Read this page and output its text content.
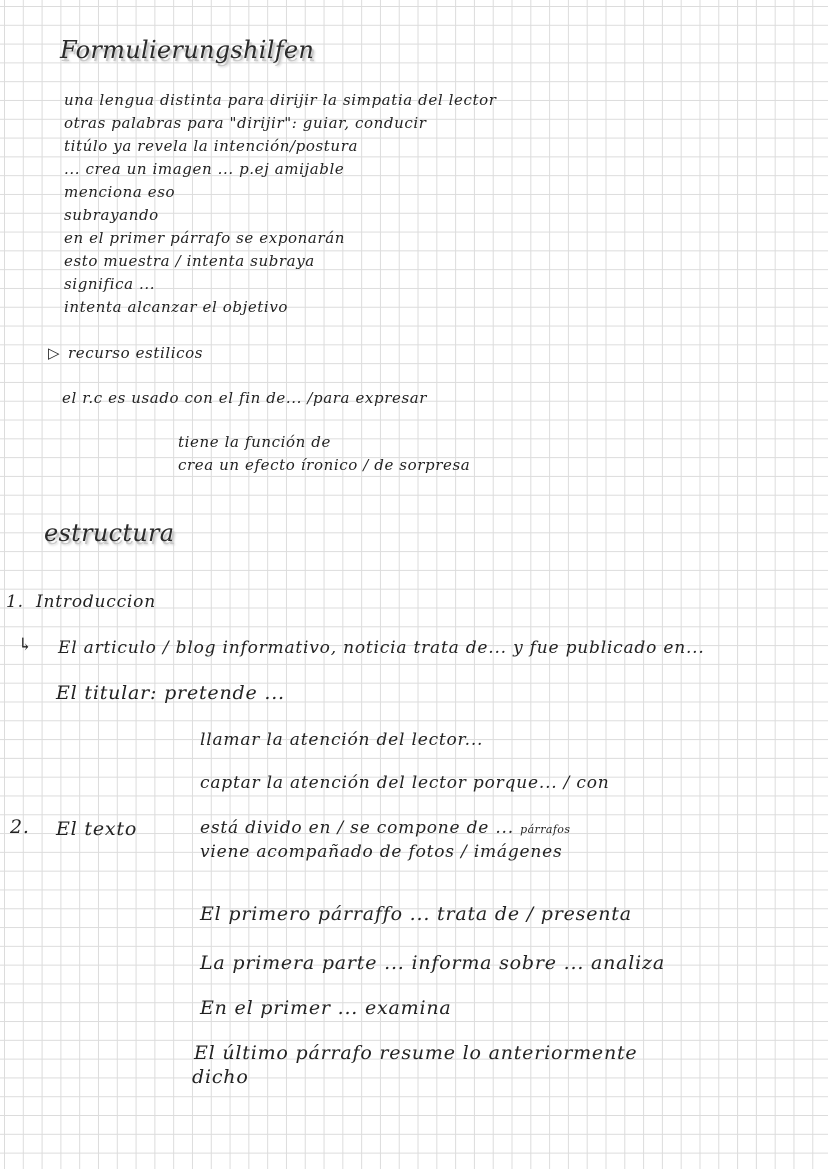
Formulierungshilfen
una lengua distinta para dirijir la simpatia del lector
otras palabras para "dirijir": guiar, conducir
titúlo ya revela la intención/postura
... crea un imagen ... p.ej amijable
menciona eso
subrayando
en el primer párrafo se exponarán
esto muestra / intenta subraya
significa ...
intenta alcanzar el objetivo
▷ recurso estilicos
el r.c es usado con el fin de... /para expresar
tiene la función de
crea un efecto íronico / de sorpresa
estructura
1. Introduccion
↳ El articulo / blog informativo, noticia trata de... y fue publicado en...
El titular: pretende ...
llamar la atención del lector...
captar la atención del lector porque... / con
2. El texto	está divido en / se compone de ... párrafos
viene acompañado de fotos / imágenes
El primero párraffo ... trata de / presenta
La primera parte ... informa sobre ... analiza
En el primer ... examina
El último párrafo resume lo anteriormente
dicho
